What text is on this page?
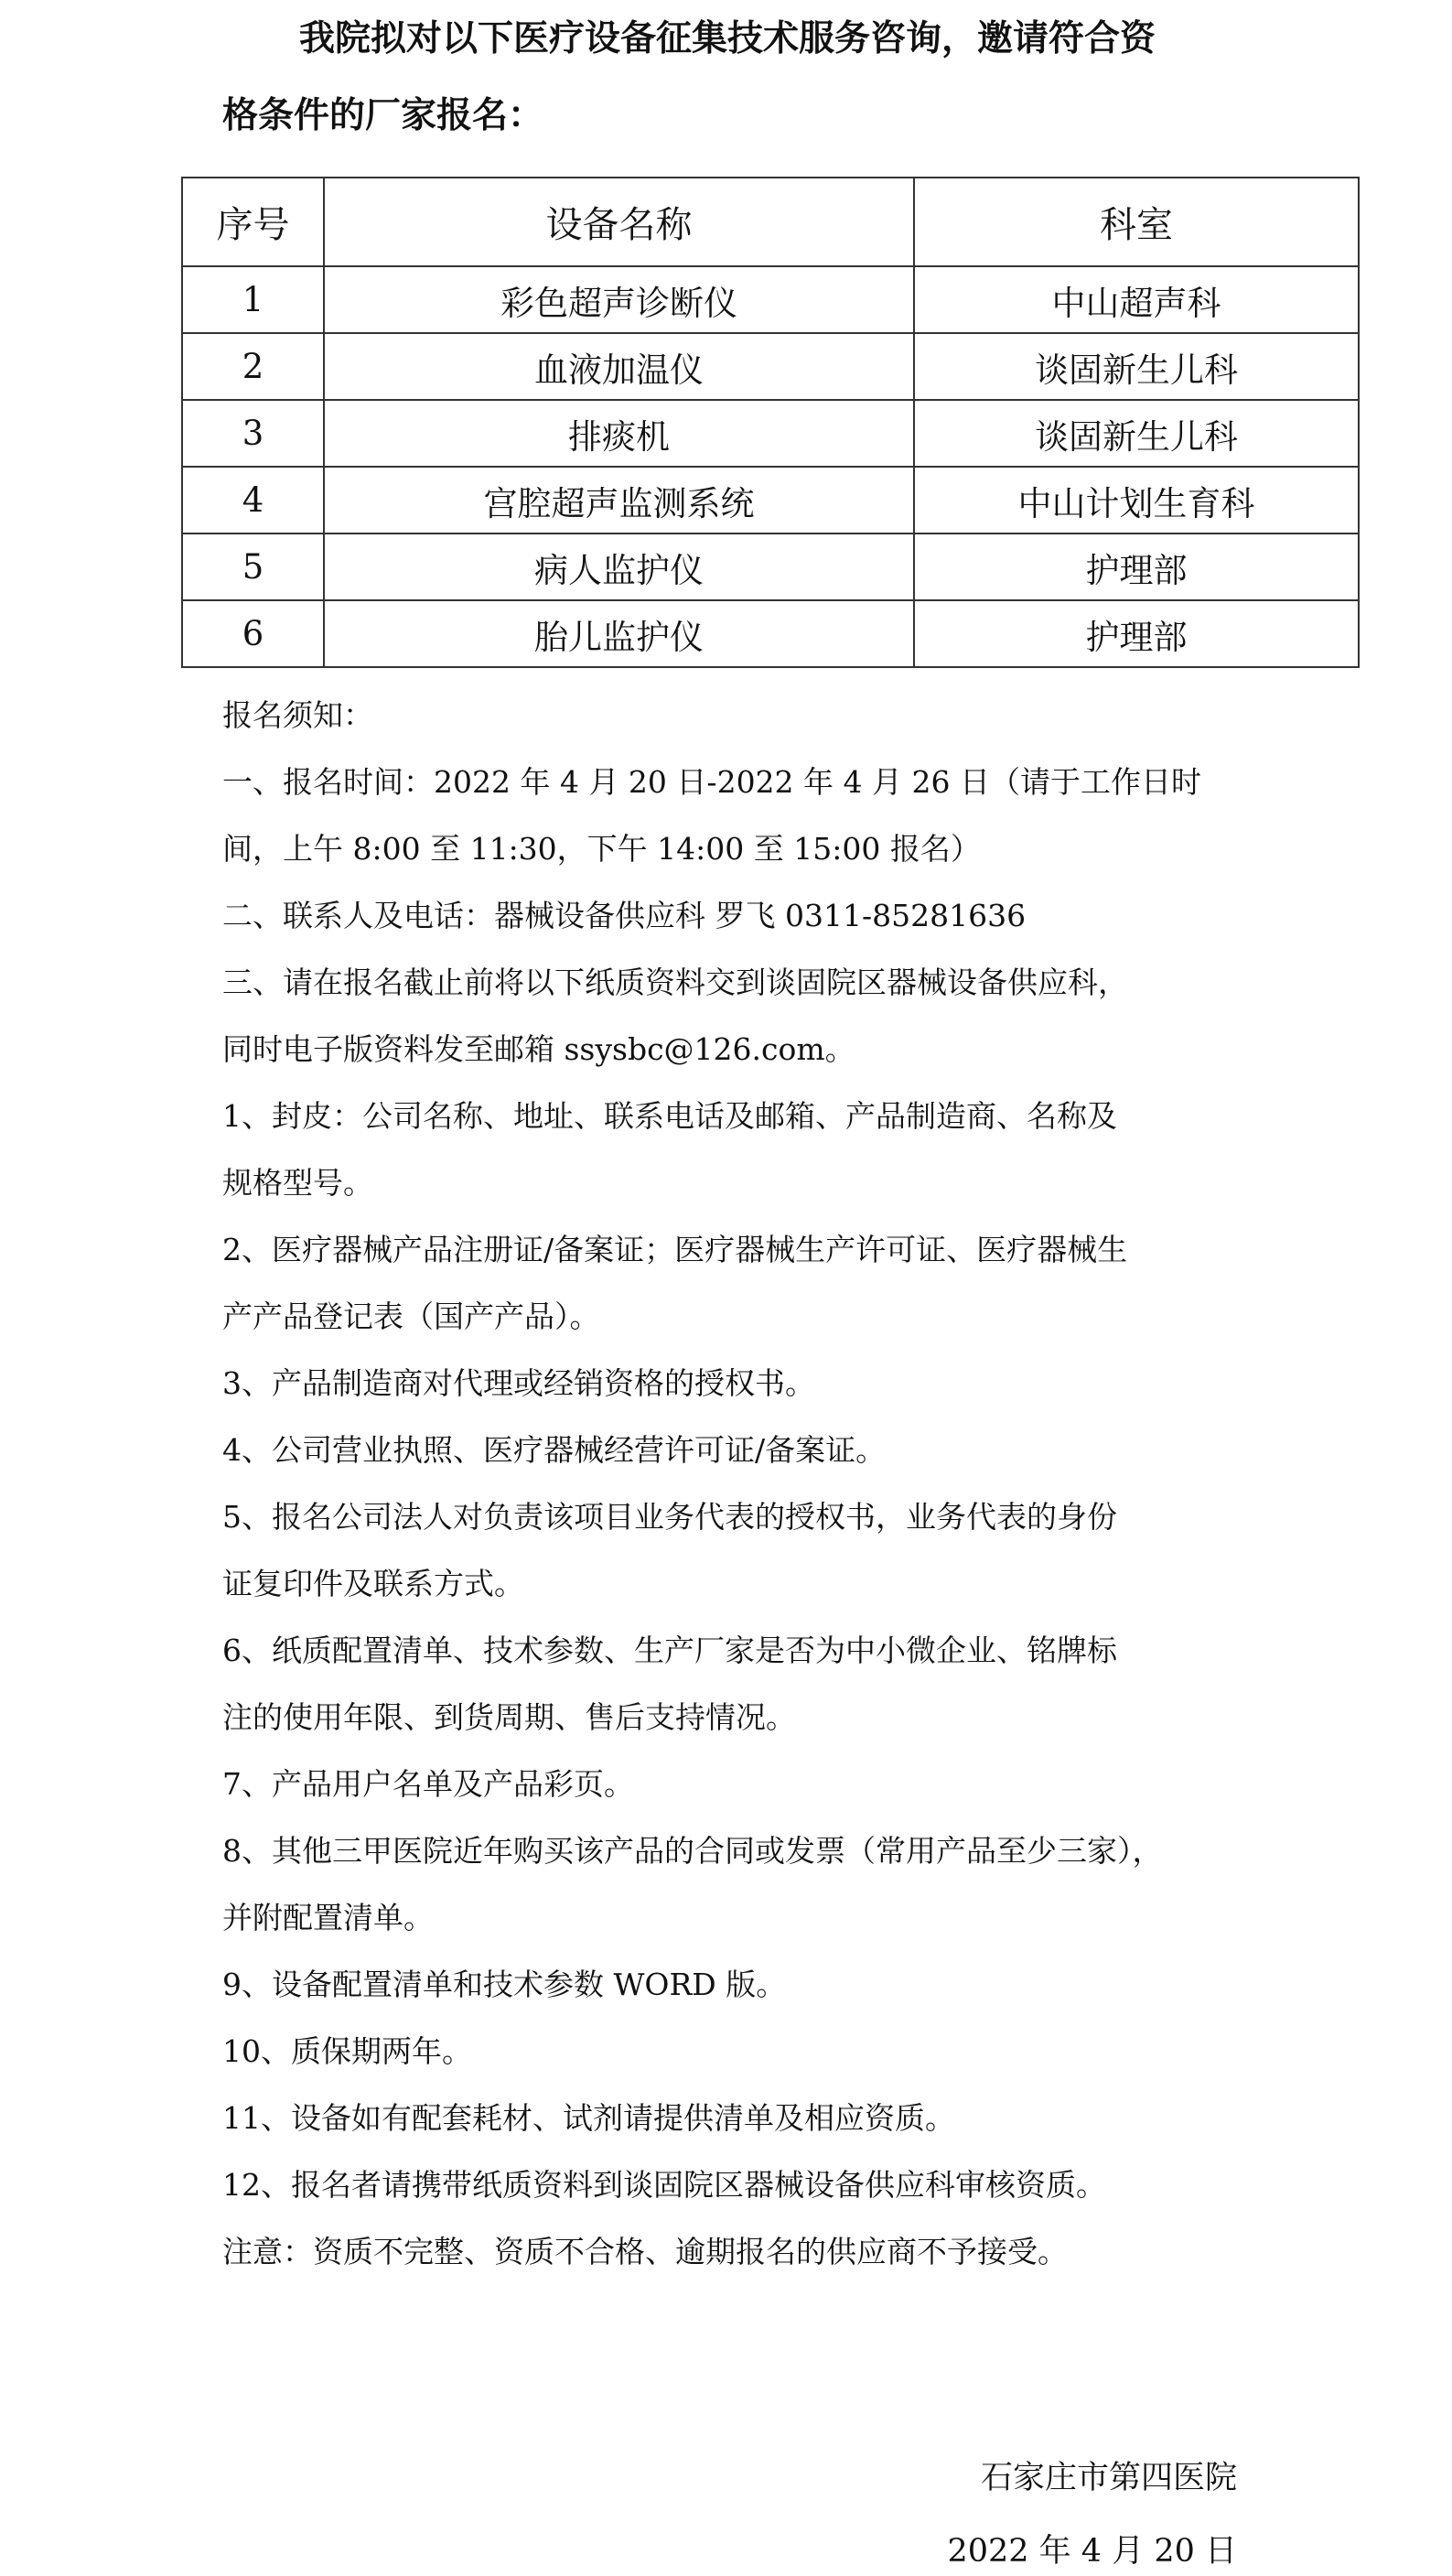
我院拟对以下医疗设备征集技术服务咨询，邀请符合资
格条件的厂家报名：
序号	设备名称	科室
1	彩色超声诊断仪	中山超声科
2	血液加温仪	谈固新生儿科
3	排痰机	谈固新生儿科
4	宫腔超声监测系统	中山计划生育科
5	病人监护仪	护理部
6	胎儿监护仪	护理部

报名须知：

一、报名时间：2022 年 4 月 20 日-2022 年 4 月 26 日（请于工作日时

间，上午 8:00 至 11:30，下午 14:00 至 15:00 报名）

二、联系人及电话：器械设备供应科 罗飞 0311-85281636

三、请在报名截止前将以下纸质资料交到谈固院区器械设备供应科，

同时电子版资料发至邮箱 ssysbc@126.com。

1、封皮：公司名称、地址、联系电话及邮箱、产品制造商、名称及

规格型号。

2、医疗器械产品注册证/备案证；医疗器械生产许可证、医疗器械生

产产品登记表（国产产品）。

3、产品制造商对代理或经销资格的授权书。

4、公司营业执照、医疗器械经营许可证/备案证。

5、报名公司法人对负责该项目业务代表的授权书，业务代表的身份

证复印件及联系方式。

6、纸质配置清单、技术参数、生产厂家是否为中小微企业、铭牌标

注的使用年限、到货周期、售后支持情况。

7、产品用户名单及产品彩页。

8、其他三甲医院近年购买该产品的合同或发票（常用产品至少三家），

并附配置清单。

9、设备配置清单和技术参数 WORD 版。

10、质保期两年。

11、设备如有配套耗材、试剂请提供清单及相应资质。

12、报名者请携带纸质资料到谈固院区器械设备供应科审核资质。

注意：资质不完整、资质不合格、逾期报名的供应商不予接受。

石家庄市第四医院
2022 年 4 月 20 日
